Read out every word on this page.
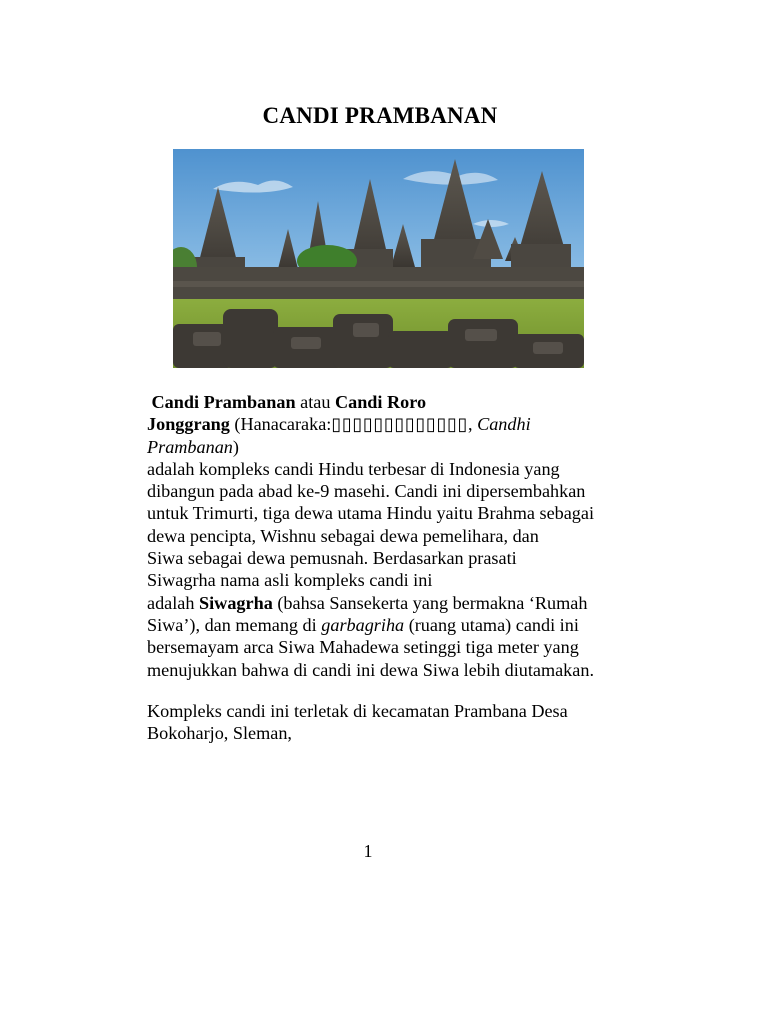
CANDI PRAMBANAN
Candi Prambanan atau Candi Roro
Jonggrang (Hanacaraka:▯▯▯▯▯▯▯▯▯▯▯▯▯, Candhi
Prambanan)
adalah kompleks candi Hindu terbesar di Indonesia yang
dibangun pada abad ke-9 masehi. Candi ini dipersembahkan
untuk Trimurti, tiga dewa utama Hindu yaitu Brahma sebagai
dewa pencipta, Wishnu sebagai dewa pemelihara, dan
Siwa sebagai dewa pemusnah. Berdasarkan prasati
Siwagrha nama asli kompleks candi ini
adalah Siwagrha (bahsa Sansekerta yang bermakna ‘Rumah
Siwa’), dan memang di garbagriha (ruang utama) candi ini
bersemayam arca Siwa Mahadewa setinggi tiga meter yang
menujukkan bahwa di candi ini dewa Siwa lebih diutamakan.
Kompleks candi ini terletak di kecamatan Prambana Desa
Bokoharjo, Sleman,
1
